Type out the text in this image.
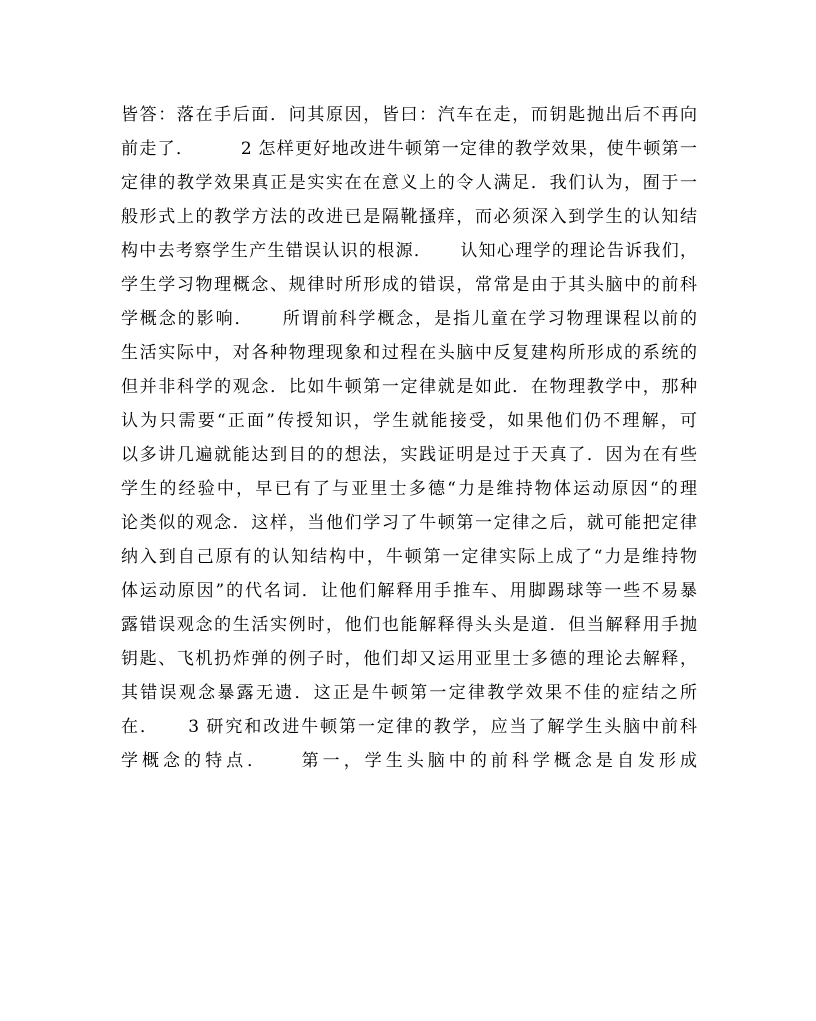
皆答：落在手后面．问其原因，皆曰：汽车在走，而钥匙抛出后不再向
前走了．　　　2 怎样更好地改进牛顿第一定律的教学效果，使牛顿第一
定律的教学效果真正是实实在在意义上的令人满足．我们认为，囿于一
般形式上的教学方法的改进已是隔靴搔痒，而必须深入到学生的认知结
构中去考察学生产生错误认识的根源．　　认知心理学的理论告诉我们，
学生学习物理概念、规律时所形成的错误，常常是由于其头脑中的前科
学概念的影响．　　所谓前科学概念，是指儿童在学习物理课程以前的
生活实际中，对各种物理现象和过程在头脑中反复建构所形成的系统的
但并非科学的观念．比如牛顿第一定律就是如此．在物理教学中，那种
认为只需要“正面”传授知识，学生就能接受，如果他们仍不理解，可
以多讲几遍就能达到目的的想法，实践证明是过于天真了．因为在有些
学生的经验中，早已有了与亚里士多德“力是维持物体运动原因“的理
论类似的观念．这样，当他们学习了牛顿第一定律之后，就可能把定律
纳入到自己原有的认知结构中，牛顿第一定律实际上成了“力是维持物
体运动原因”的代名词．让他们解释用手推车、用脚踢球等一些不易暴
露错误观念的生活实例时，他们也能解释得头头是道．但当解释用手抛
钥匙、飞机扔炸弹的例子时，他们却又运用亚里士多德的理论去解释，
其错误观念暴露无遗．这正是牛顿第一定律教学效果不佳的症结之所
在．　　3 研究和改进牛顿第一定律的教学，应当了解学生头脑中前科
学概念的特点．　　第一，学生头脑中的前科学概念是自发形成
